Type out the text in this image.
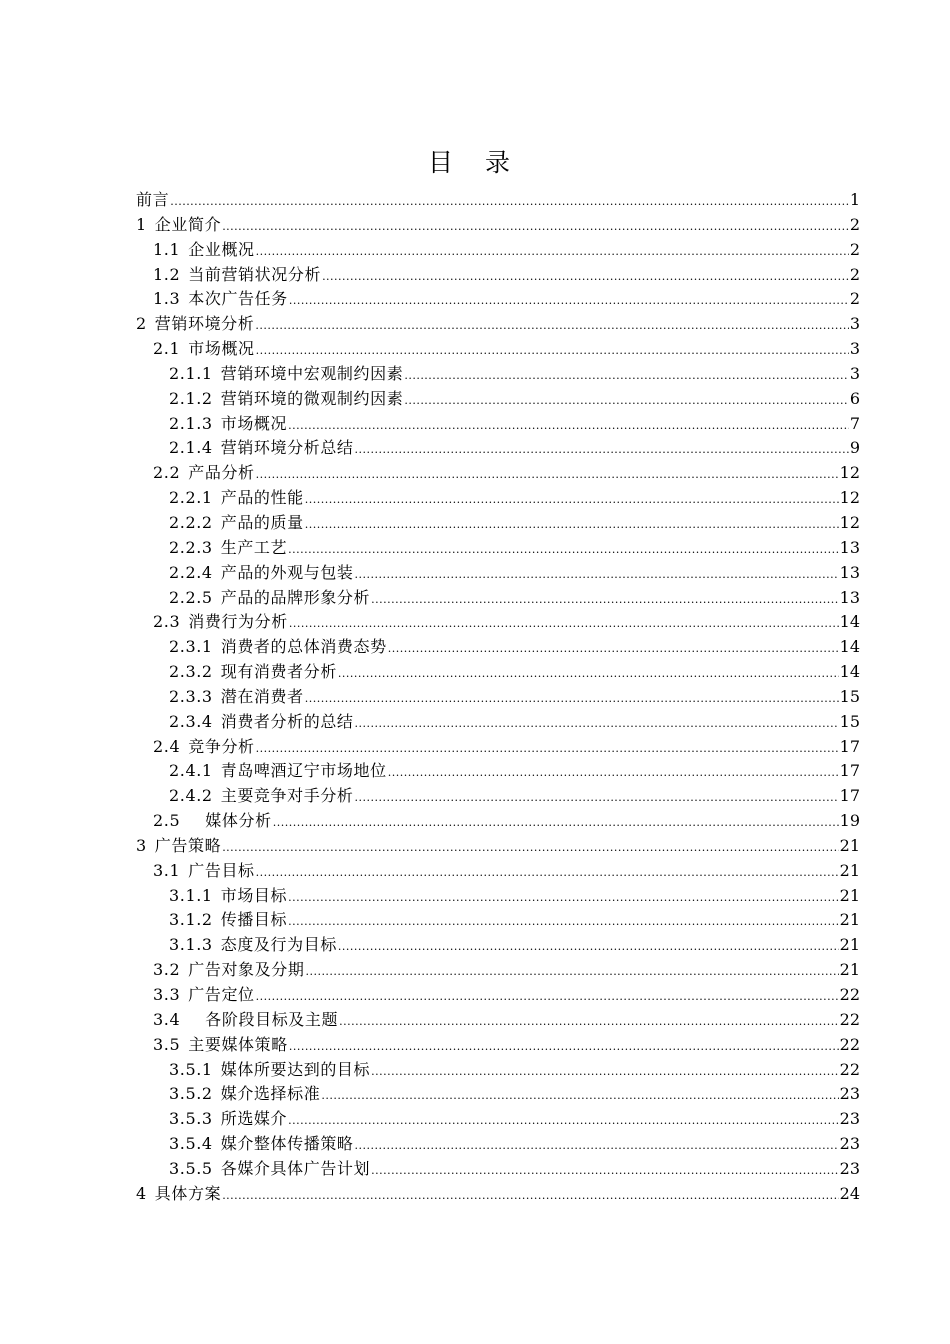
目 录
前言 .....	1
1 企业简介 .....	2
1.1 企业概况 .....	2
1.2 当前营销状况分析 .....	2
1.3 本次广告任务 .....	2
2 营销环境分析 .....	3
2.1 市场概况 .....	3
2.1.1 营销环境中宏观制约因素 .....	3
2.1.2 营销环境的微观制约因素 .....	6
2.1.3 市场概况 .....	7
2.1.4 营销环境分析总结 .....	9
2.2 产品分析 .....	12
2.2.1 产品的性能 .....	12
2.2.2 产品的质量 .....	12
2.2.3 生产工艺 .....	13
2.2.4 产品的外观与包装 .....	13
2.2.5 产品的品牌形象分析 .....	13
2.3 消费行为分析 .....	14
2.3.1 消费者的总体消费态势 .....	14
2.3.2 现有消费者分析 .....	14
2.3.3 潜在消费者 .....	15
2.3.4 消费者分析的总结 .....	15
2.4 竞争分析 .....	17
2.4.1 青岛啤酒辽宁市场地位 .....	17
2.4.2 主要竞争对手分析 .....	17
2.5   媒体分析 .....	19
3 广告策略 .....	21
3.1 广告目标 .....	21
3.1.1 市场目标 .....	21
3.1.2 传播目标 .....	21
3.1.3 态度及行为目标 .....	21
3.2 广告对象及分期 .....	21
3.3 广告定位 .....	22
3.4   各阶段目标及主题 .....	22
3.5 主要媒体策略 .....	22
3.5.1 媒体所要达到的目标 .....	22
3.5.2 媒介选择标准 .....	23
3.5.3 所选媒介 .....	23
3.5.4 媒介整体传播策略 .....	23
3.5.5 各媒介具体广告计划 .....	23
4 具体方案 .....	24
